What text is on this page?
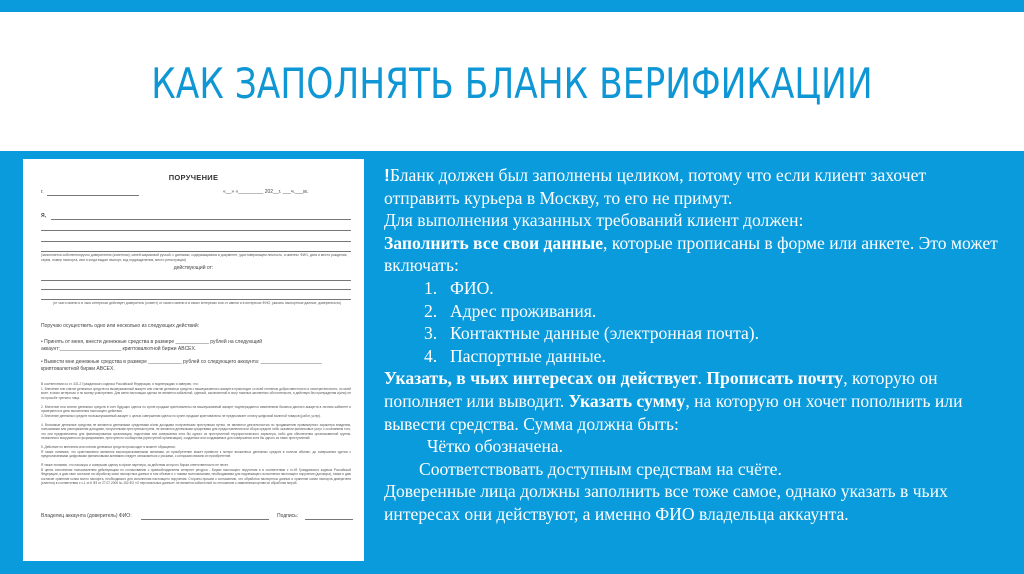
КАК ЗАПОЛНЯТЬ БЛАНК ВЕРИФИКАЦИИ
ПОРУЧЕНИЕ
г.	«__» «_________ 202__г. ___ч.___м.
Я,
(заполняется собственноручно доверителем (клиентом), синей шариковой ручкой, с данными, содержащимися в документе, удостоверяющем личность, а именно: ФИО, дата и место рождения, серия, номер паспорта, кем и когда выдан паспорт, код подразделения, место регистрации)
действующий от:
(от чьего имени и в чьих интересах действует доверитель (клиент) от своего имени и в своих интересах или от имени и в интересах ФИО, указать паспортные данные, доверенность)
Поручаю осуществить одно или несколько из следующих действий:
• Принять от меня, внести денежные средства в размере ____________ рублей на следующий аккаунт:______________________ криптовалютной биржи ABCEX.
• Вывести мне денежные средства в размере ____________ рублей со следующего аккаунта: ______________________ криптовалютной биржи ABCEX.
В соответствии со ст. 431.2 Гражданского кодекса Российской Федерации, я подтверждаю и заверяю, что:
1. Внесение или снятие денежных средств на вышеуказанный аккаунт или снятие денежных средств с вышеуказанного аккаунта происходит со всей степенью добросовестности и осмотрительности, по моей воле, в моих интересах и по моему усмотрению. Для меня настоящая сделка не является кабальной, сделкой, заключенной в силу тяжелых жизненных обстоятельств, я действую без принуждения и(или) не по просьбе третьего лица.
2. Внесение или снятие денежных средств в счет будущих сделок по купле-продаже криптовалюты на вышеуказанный аккаунт подтверждается изменением баланса данного аккаунта в личном кабинете и проверяется в день выполнения настоящего действия.
3. Внесение денежных средств на вышеуказанный аккаунт с целью совершения сделок по купле-продаже криптовалюты не предполагает оплату цифровой валютой товаров (работ, услуг).
4. Вносимые денежные средства не являются денежными средствами и/или доходами полученными преступным путем, не являются деятельностью по продвижению правомерного характера владения, пользования или распоряжения доходами, полученными преступным путем, не являются денежными средствами для предоставления или сбора средств либо оказания финансовых услуг с осознанием того, что они предназначены для финансирования организации, подготовки или совершения хотя бы одного из преступлений террористического характера, либо для обеспечения организованной группы, незаконного вооруженного формирования, преступного сообщества (преступной организации), созданных или создаваемых для совершения хотя бы одного из таких преступлений.
5. Действие по внесению или снятию денежных средств происходит в момент обращения.
Я также понимаю, что криптовалюты являются высокорискованными активами, их приобретение может привести к потере вложенных денежных средств в полном объеме, до совершения сделок с предполагаемыми цифровыми финансовыми активами следует ознакомиться с рисками, с которыми связано их приобретение.
Я также понимаю, что нахожусь и совершаю сделку в офисе партнера, за действия которого биржа ответственности не несет.
В целях исполнения пользователем действующим по согласованию с правообладателем интернет ресурса - Биржи настоящего поручения и в соответствии с гл.49 Гражданского кодекса Российской Федерации, я даю свое согласие на обработку моих паспортных данных в том объеме и с такими полномочиями, необходимыми для надлежащего исполнения настоящего поручения (договора), также я даю согласие хранение копии моего паспорта, необходимого для исполнения настоящего поручения. Стороны пришли к соглашению, что обработка паспортных данных и хранение копии паспорта доверителя (клиента) в соответствии с ч.1 ст.6 ФЗ от 27.07.2006 № 152-ФЗ «О персональных данных» не является избыточной по отношению к заявленным целям их обработки мерой.
Владелец аккаунта (доверитель) ФИО:	Подпись:

!Бланк должен был заполнены целиком, потому что если клиент захочет отправить курьера в Москву, то его не примут.

Для выполнения указанных требований клиент должен:

Заполнить все свои данные, которые прописаны в форме или анкете. Это может включать:

1. ФИО.
2. Адрес проживания.
3. Контактные данные (электронная почта).
4. Паспортные данные.

Указать, в чьих интересах он действует. Прописать почту, которую он пополняет или выводит. Указать сумму, на которую он хочет пополнить или вывести средства. Сумма должна быть:

Чётко обозначена.

Соответствовать доступным средствам на счёте.

Доверенные лица должны заполнить все тоже самое, однако указать в чьих интересах они действуют, а именно ФИО владельца аккаунта.
